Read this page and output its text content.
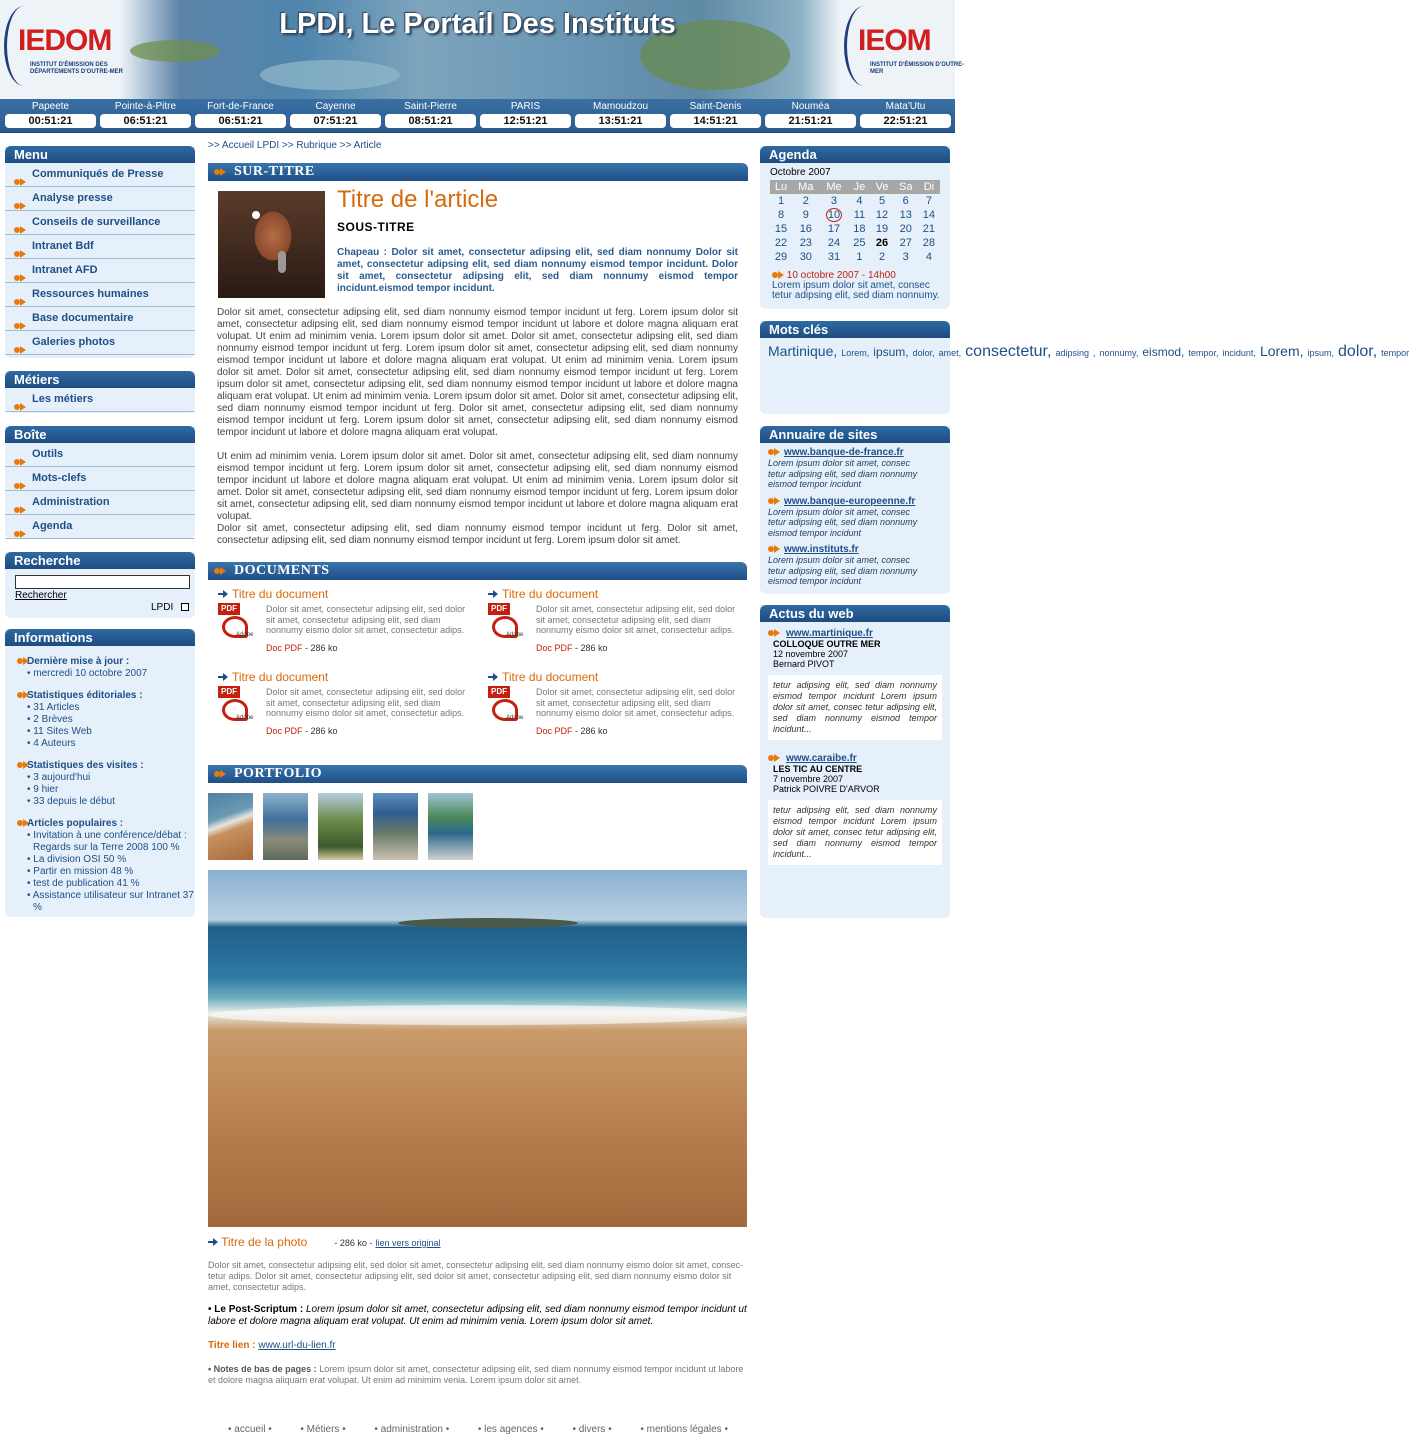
IEDOM
INSTITUT D'ÉMISSION DES DÉPARTEMENTS D'OUTRE-MER
LPDI, Le Portail Des Instituts	IEOM
INSTITUT D'ÉMISSION D'OUTRE-MER
Papeete
00:51:21
Pointe-à-Pitre
06:51:21
Fort-de-France
06:51:21
Cayenne
07:51:21
Saint-Pierre
08:51:21
PARIS
12:51:21
Mamoudzou
13:51:21
Saint-Denis
14:51:21
Nouméa
21:51:21
Mata'Utu
22:51:21
Menu
Communiqués de Presse
Analyse presse
Conseils de surveillance
Intranet Bdf
Intranet AFD
Ressources humaines
Base documentaire
Galeries photos
Métiers
Les métiers
Boîte
Outils
Mots-clefs
Administration
Agenda
Recherche
Rechercher
LPDI
Informations
Dernière mise à jour :
• mercredi 10 octobre 2007
Statistiques éditoriales :
• 31 Articles
• 2 Brèves
• 11 Sites Web
• 4 Auteurs
Statistiques des visites :
• 3 aujourd'hui
• 9 hier
• 33 depuis le début
Articles populaires :
• Invitation à une conférence/débat : Regards sur la Terre 2008 100 %
• La division OSI 50 %
• Partir en mission 48 %
• test de publication 41 %
• Assistance utilisateur sur Intranet 37 %
>> Accueil LPDI >> Rubrique >> Article
SUR-TITRE
Titre de l'article
SOUS-TITRE
Chapeau : Dolor sit amet, consectetur adipsing elit, sed diam nonnumy Dolor sit amet, consectetur adipsing elit, sed diam nonnumy eismod tempor incidunt. Dolor sit amet, consectetur adipsing elit, sed diam nonnumy eismod tempor incidunt.eismod tempor incidunt.

Dolor sit amet, consectetur adipsing elit, sed diam nonnumy eismod tempor incidunt ut ferg. Lorem ipsum dolor sit amet, consectetur adipsing elit, sed diam nonnumy eismod tempor incidunt ut labore et dolore magna aliquam erat volupat. Ut enim ad minimim venia. Lorem ipsum dolor sit amet. Dolor sit amet, consectetur adipsing elit, sed diam nonnumy eismod tempor incidunt ut ferg. Lorem ipsum dolor sit amet, consectetur adipsing elit, sed diam nonnumy eismod tempor incidunt ut labore et dolore magna aliquam erat volupat. Ut enim ad minimim venia. Lorem ipsum dolor sit amet. Dolor sit amet, consectetur adipsing elit, sed diam nonnumy eismod tempor incidunt ut ferg. Lorem ipsum dolor sit amet, consectetur adipsing elit, sed diam nonnumy eismod tempor incidunt ut labore et dolore magna aliquam erat volupat. Ut enim ad minimim venia. Lorem ipsum dolor sit amet. Dolor sit amet, consectetur adipsing elit, sed diam nonnumy eismod tempor incidunt ut ferg. Dolor sit amet, consectetur adipsing elit, sed diam nonnumy eismod tempor incidunt ut ferg. Lorem ipsum dolor sit amet, consectetur adipsing elit, sed diam nonnumy eismod tempor incidunt ut labore et dolore magna aliquam erat volupat.

Ut enim ad minimim venia. Lorem ipsum dolor sit amet. Dolor sit amet, consectetur adipsing elit, sed diam nonnumy eismod tempor incidunt ut ferg. Lorem ipsum dolor sit amet, consectetur adipsing elit, sed diam nonnumy eismod tempor incidunt ut labore et dolore magna aliquam erat volupat. Ut enim ad minimim venia. Lorem ipsum dolor sit amet. Dolor sit amet, consectetur adipsing elit, sed diam nonnumy eismod tempor incidunt ut ferg. Lorem ipsum dolor sit amet, consectetur adipsing elit, sed diam nonnumy eismod tempor incidunt ut labore et dolore magna aliquam erat volupat.

Dolor sit amet, consectetur adipsing elit, sed diam nonnumy eismod tempor incidunt ut ferg. Dolor sit amet, consectetur adipsing elit, sed diam nonnumy eismod tempor incidunt ut ferg. Lorem ipsum dolor sit amet.

DOCUMENTS
Titre du document
PDF
Adobe
Dolor sit amet, consectetur adipsing elit, sed dolor sit amet, consectetur adipsing elit, sed diam nonnumy eismo dolor sit amet, consectetur adips.
Doc PDF - 286 ko
Titre du document
PDF
Adobe
Dolor sit amet, consectetur adipsing elit, sed dolor sit amet, consectetur adipsing elit, sed diam nonnumy eismo dolor sit amet, consectetur adips.
Doc PDF - 286 ko
Titre du document
PDF
Adobe
Dolor sit amet, consectetur adipsing elit, sed dolor sit amet, consectetur adipsing elit, sed diam nonnumy eismo dolor sit amet, consectetur adips.
Doc PDF - 286 ko
Titre du document
PDF
Adobe
Dolor sit amet, consectetur adipsing elit, sed dolor sit amet, consectetur adipsing elit, sed diam nonnumy eismo dolor sit amet, consectetur adips.
Doc PDF - 286 ko
PORTFOLIO
Titre de la photo	- 286 ko - lien vers original
Dolor sit amet, consectetur adipsing elit, sed dolor sit amet, consectetur adipsing elit, sed diam nonnumy eismo dolor sit amet, consec-tetur adips. Dolor sit amet, consectetur adipsing elit, sed dolor sit amet, consectetur adipsing elit, sed diam nonnumy eismo dolor sit amet, consectetur adips.
• Le Post-Scriptum : Lorem ipsum dolor sit amet, consectetur adipsing elit, sed diam nonnumy eismod tempor incidunt ut labore et dolore magna aliquam erat volupat. Ut enim ad minimim venia. Lorem ipsum dolor sit amet.
Titre lien : www.url-du-lien.fr
• Notes de bas de pages : Lorem ipsum dolor sit amet, consectetur adipsing elit, sed diam nonnumy eismod tempor incidunt ut labore et dolore magna aliquam erat volupat. Ut enim ad minimim venia. Lorem ipsum dolor sit amet.
Agenda
Octobre 2007
Lu	Ma	Me	Je	Ve	Sa	Di
1	2	3	4	5	6	7
8	9	10	11	12	13	14
15	16	17	18	19	20	21
22	23	24	25	26	27	28
29	30	31	1	2	3	4
10 octobre 2007 - 14h00
Lorem ipsum dolor sit amet, consec tetur adipsing elit, sed diam nonnumy.
Mots clés
Martinique, Lorem, ipsum, dolor, amet, consectetur, adipsing , nonnumy, eismod, tempor, incidunt, Lorem, ipsum, dolor, tempor
Annuaire de sites
www.banque-de-france.fr
Lorem ipsum dolor sit amet, consec tetur adipsing elit, sed diam nonnumy eismod tempor incidunt
www.banque-europeenne.fr
Lorem ipsum dolor sit amet, consec tetur adipsing elit, sed diam nonnumy eismod tempor incidunt
www.instituts.fr
Lorem ipsum dolor sit amet, consec tetur adipsing elit, sed diam nonnumy eismod tempor incidunt
Actus du web
www.martinique.fr
COLLOQUE OUTRE MER
12 novembre 2007
Bernard PIVOT
tetur adipsing elit, sed diam nonnumy eismod tempor incidunt Lorem ipsum dolor sit amet, consec tetur adipsing elit, sed diam nonnumy eismod tempor incidunt...
www.caraibe.fr
LES TIC AU CENTRE
7 novembre 2007
Patrick POIVRE D'ARVOR
tetur adipsing elit, sed diam nonnumy eismod tempor incidunt Lorem ipsum dolor sit amet, consec tetur adipsing elit, sed diam nonnumy eismod tempor incidunt...
• accueil •	• Métiers •	• administration •	• les agences •	• divers •	• mentions légales •
